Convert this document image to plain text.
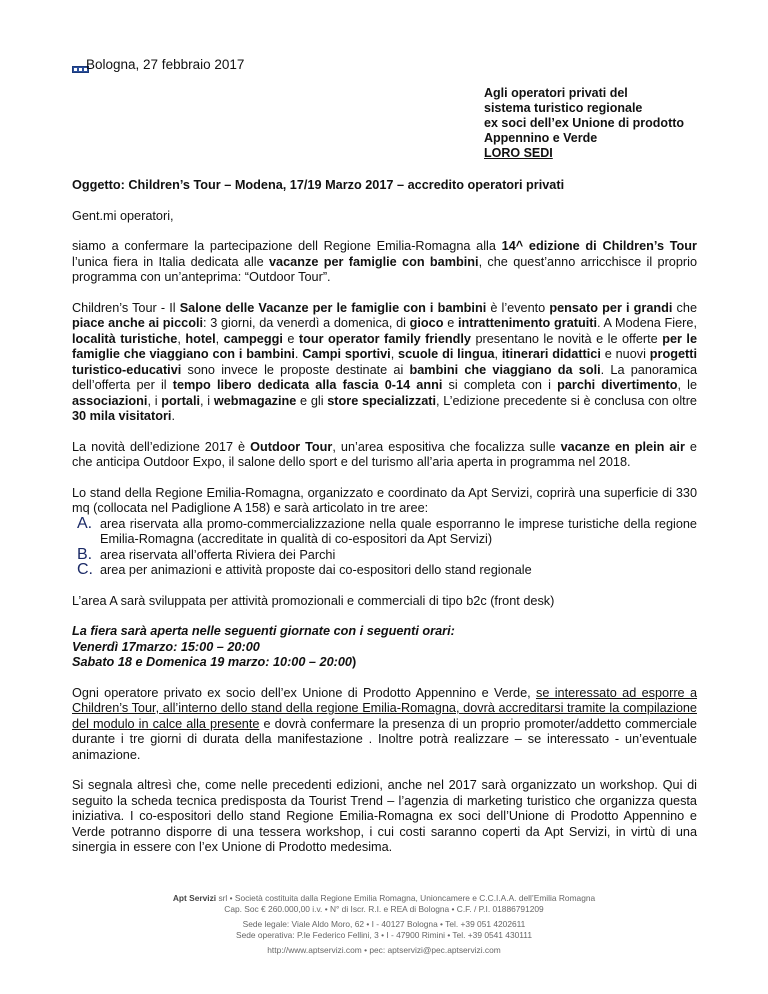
Bologna, 27 febbraio 2017
Agli operatori privati del
sistema turistico regionale
ex soci dell’ex Unione di prodotto
Appennino e Verde
LORO SEDI

Oggetto: Children’s Tour – Modena, 17/19 Marzo 2017 – accredito operatori privati

Gent.mi operatori,

siamo a confermare la partecipazione dell Regione Emilia-Romagna alla 14^ edizione di Children’s Tour l’unica fiera in Italia dedicata alle vacanze per famiglie con bambini, che quest’anno arricchisce il proprio programma con un’anteprima: “Outdoor Tour”.

Children’s Tour - Il Salone delle Vacanze per le famiglie con i bambini è l’evento pensato per i grandi che piace anche ai piccoli: 3 giorni, da venerdì a domenica, di gioco e intrattenimento gratuiti. A Modena Fiere, località turistiche, hotel, campeggi e tour operator family friendly presentano le novità e le offerte per le famiglie che viaggiano con i bambini. Campi sportivi, scuole di lingua, itinerari didattici e nuovi progetti turistico-educativi sono invece le proposte destinate ai bambini che viaggiano da soli. La panoramica dell’offerta per il tempo libero dedicata alla fascia 0-14 anni si completa con i parchi divertimento, le associazioni, i portali, i webmagazine e gli store specializzati, L’edizione precedente si è conclusa con oltre 30 mila visitatori.

La novità dell’edizione 2017 è Outdoor Tour, un’area espositiva che focalizza sulle vacanze en plein air e che anticipa Outdoor Expo, il salone dello sport e del turismo all’aria aperta in programma nel 2018.

Lo stand della Regione Emilia-Romagna, organizzato e coordinato da Apt Servizi, coprirà una superficie di 330 mq (collocata nel Padiglione A 158) e sarà articolato in tre aree:

A. area riservata alla promo-commercializzazione nella quale esporranno le imprese turistiche della regione Emilia-Romagna (accreditate in qualità di co-espositori da Apt Servizi)
B. area riservata all’offerta Riviera dei Parchi
C. area per animazioni e attività proposte dai co-espositori dello stand regionale

L’area A sarà sviluppata per attività promozionali e commerciali di tipo b2c (front desk)

La fiera sarà aperta nelle seguenti giornate con i seguenti orari:
Venerdì 17marzo: 15:00 – 20:00
Sabato 18 e Domenica 19 marzo: 10:00 – 20:00)

Ogni operatore privato ex socio dell’ex Unione di Prodotto Appennino e Verde, se interessato ad esporre a Children’s Tour, all’interno dello stand della regione Emilia-Romagna, dovrà accreditarsi tramite la compilazione del modulo in calce alla presente e dovrà confermare la presenza di un proprio promoter/addetto commerciale durante i tre giorni di durata della manifestazione . Inoltre potrà realizzare – se interessato - un’eventuale animazione.

Si segnala altresì che, come nelle precedenti edizioni, anche nel 2017 sarà organizzato un workshop. Qui di seguito la scheda tecnica predisposta da Tourist Trend – l’agenzia di marketing turistico che organizza questa iniziativa. I co-espositori dello stand Regione Emilia-Romagna ex soci dell’Unione di Prodotto Appennino e Verde potranno disporre di una tessera workshop, i cui costi saranno coperti da Apt Servizi, in virtù di una sinergia in essere con l’ex Unione di Prodotto medesima.

Apt Servizi srl • Società costituita dalla Regione Emilia Romagna, Unioncamere e C.C.I.A.A. dell’Emilia Romagna
Cap. Soc € 260.000,00 i.v. • N° di Iscr. R.I. e REA di Bologna • C.F. / P.I. 01886791209
Sede legale: Viale Aldo Moro, 62 • I - 40127 Bologna • Tel. +39 051 4202611
Sede operativa: P.le Federico Fellini, 3 • I - 47900 Rimini • Tel. +39 0541 430111
http://www.aptservizi.com • pec: aptservizi@pec.aptservizi.com
